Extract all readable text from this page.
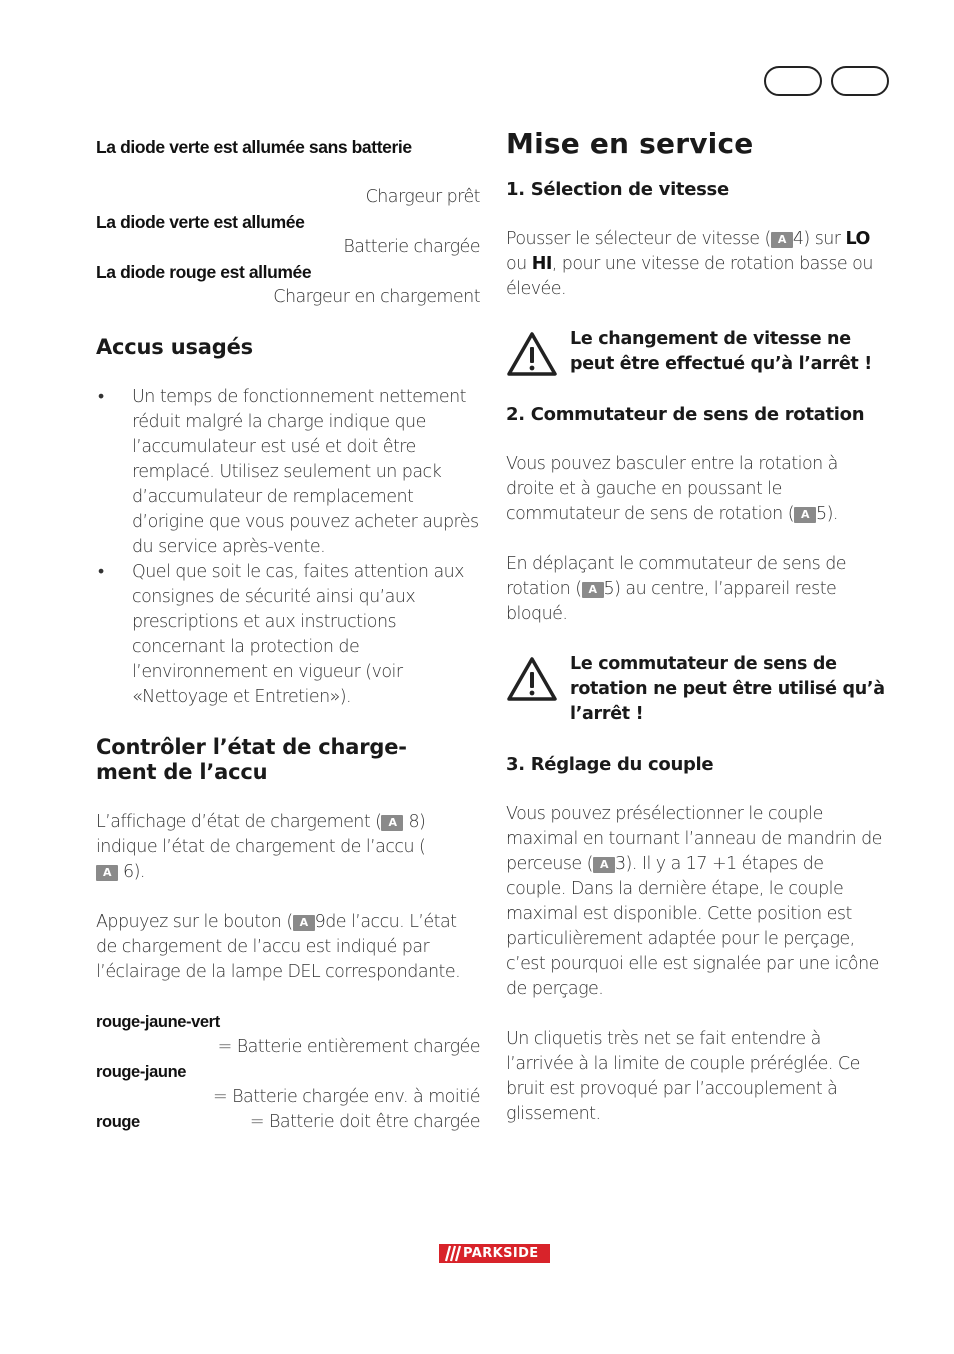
La diode verte est allumée sans batterie

Chargeur prêt

La diode verte est allumée

Batterie chargée

La diode rouge est allumée

Chargeur en chargement

Accus usagés

• Un temps de fonctionnement nettement réduit malgré la charge indique que l’accumulateur est usé et doit être remplacé. Utilisez seulement un pack d’accumulateur de remplacement d’origine que vous pouvez acheter auprès du service après-vente.
• Quel que soit le cas, faites attention aux consignes de sécurité ainsi qu’aux prescriptions et aux instructions concernant la protection de l’environnement en vigueur (voir «Nettoyage et Entretien»).

Contrôler l’état de charge-
ment de l’accu

L’affichage d’état de chargement ( A 8) indique l’état de chargement de l’accu (
A 6).

Appuyez sur le bouton ( A 9de l’accu. L’état de chargement de l’accu est indiqué par l’éclairage de la lampe DEL correspondante.

rouge-jaune-vert

= Batterie entièrement chargée

rouge-jaune

= Batterie chargée env. à moitié

rouge	= Batterie doit être chargée

Mise en service

1. Sélection de vitesse

Pousser le sélecteur de vitesse ( A 4) sur LO ou HI, pour une vitesse de rotation basse ou élevée.

Le changement de vitesse ne peut être effectué qu’à l’arrêt !

2. Commutateur de sens de rotation

Vous pouvez basculer entre la rotation à droite et à gauche en poussant le commutateur de sens de rotation ( A 5).

En déplaçant le commutateur de sens de rotation ( A 5) au centre, l’appareil reste bloqué.

Le commutateur de sens de rotation ne peut être utilisé qu’à l’arrêt !

3. Réglage du couple

Vous pouvez présélectionner le couple maximal en tournant l’anneau de mandrin de perceuse ( A 3). Il y a 17 +1 étapes de couple. Dans la dernière étape, le couple maximal est disponible. Cette position est particulièrement adaptée pour le perçage, c’est pourquoi elle est signalée par une icône de perçage.

Un cliquetis très net se fait entendre à l’arrivée à la limite de couple préréglée. Ce bruit est provoqué par l’accouplement à glissement.

PARKSIDE
